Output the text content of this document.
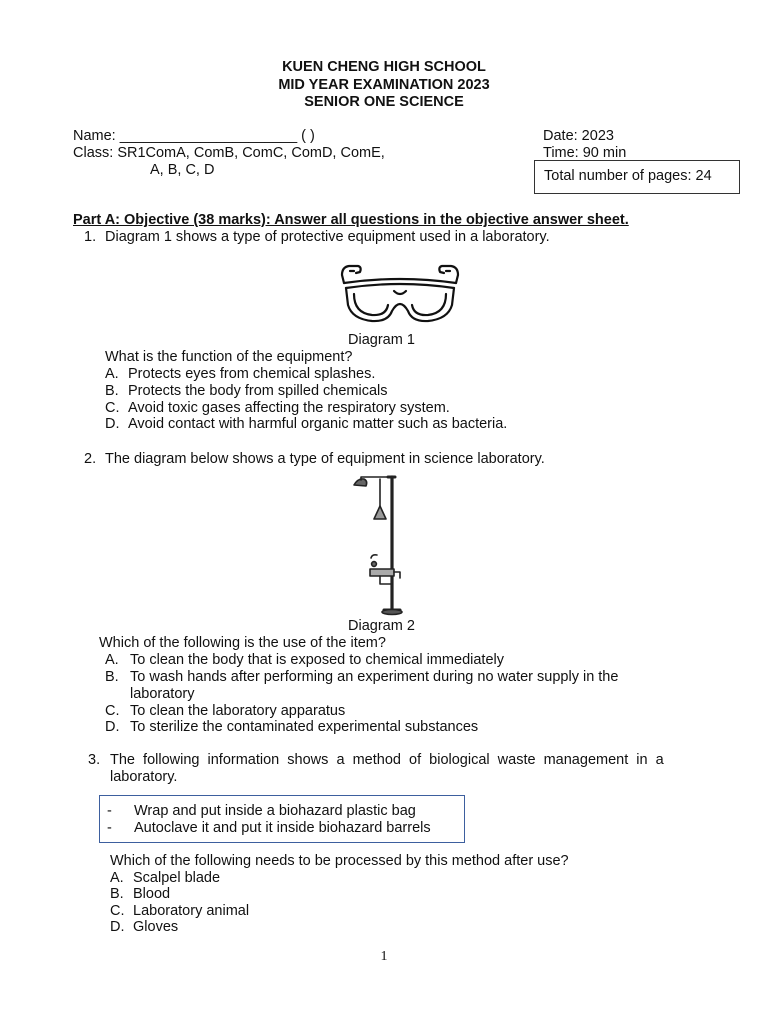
KUEN CHENG HIGH SCHOOL
MID YEAR EXAMINATION 2023
SENIOR ONE SCIENCE
Name: ______________________ ( )
Class: SR1ComA, ComB, ComC, ComD, ComE,
A, B, C, D
Date: 2023
Time: 90 min
Total number of pages: 24
Part A: Objective (38 marks): Answer all questions in the objective answer sheet.
1. Diagram 1 shows a type of protective equipment used in a laboratory.
Diagram 1
What is the function of the equipment?
A. Protects eyes from chemical splashes.
B. Protects the body from spilled chemicals
C. Avoid toxic gases affecting the respiratory system.
D. Avoid contact with harmful organic matter such as bacteria.
2. The diagram below shows a type of equipment in science laboratory.
Diagram 2
Which of the following is the use of the item?
A. To clean the body that is exposed to chemical immediately
B. To wash hands after performing an experiment during no water supply in the
laboratory
C. To clean the laboratory apparatus
D. To sterilize the contaminated experimental substances
3. The  following  information  shows  a  method  of  biological  waste  management  in  a
laboratory.
- Wrap and put inside a biohazard plastic bag
- Autoclave it and put it inside biohazard barrels
Which of the following needs to be processed by this method after use?
A. Scalpel blade
B. Blood
C. Laboratory animal
D. Gloves
1
